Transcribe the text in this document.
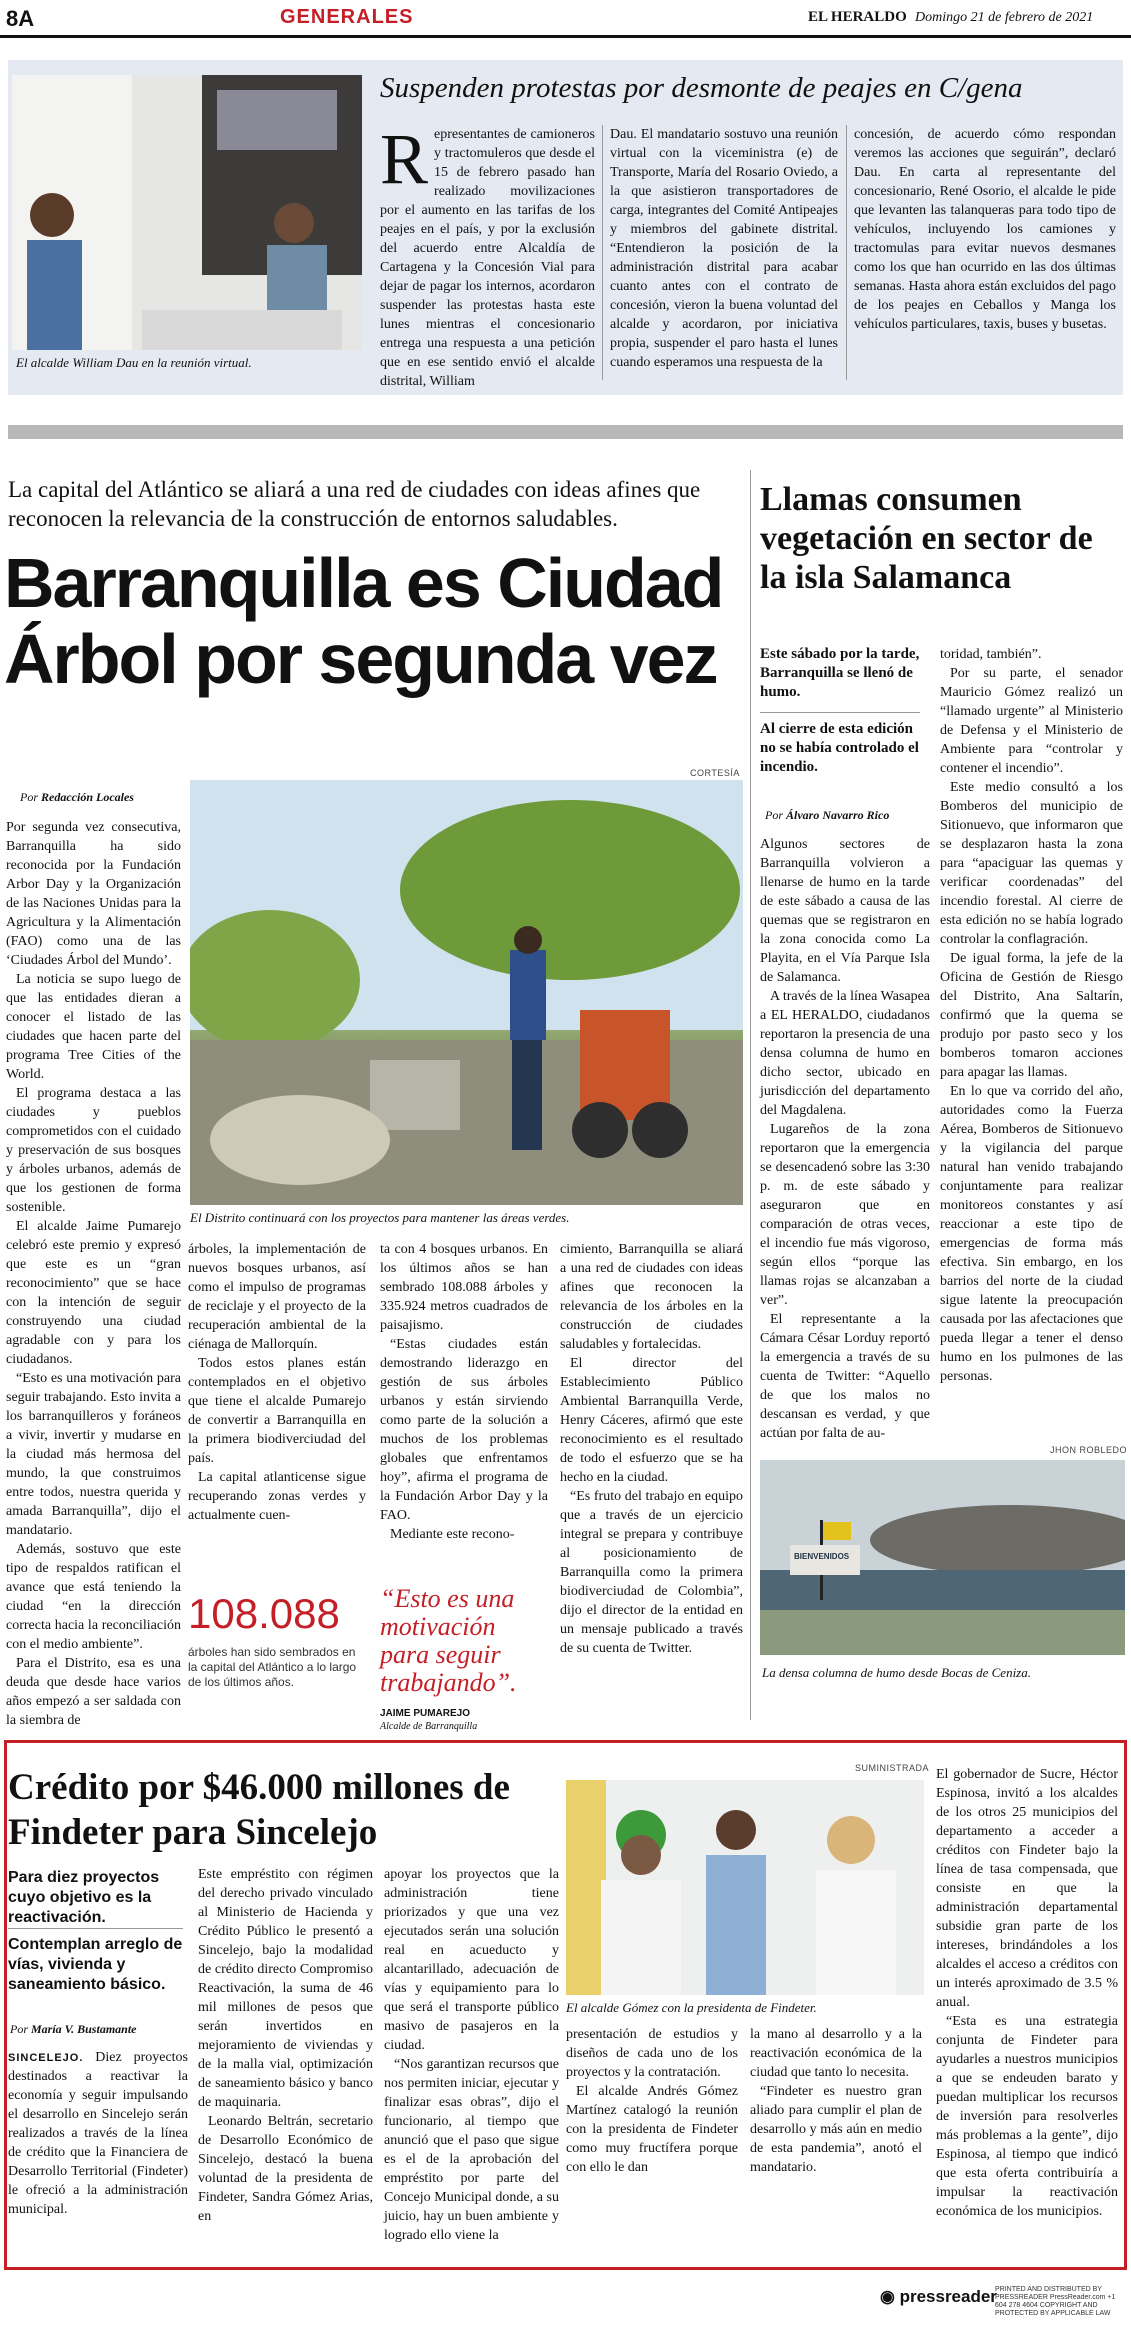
8A	GENERALES	EL HERALDO Domingo 21 de febrero de 2021
El alcalde William Dau en la reunión virtual.
Suspenden protestas por desmonte de peajes en C/gena
Representantes de camioneros y tractomuleros que desde el 15 de febrero pasado han realizado movilizaciones por el aumento en las tarifas de los peajes en el país, y por la exclusión del acuerdo entre Alcaldía de Cartagena y la Concesión Vial para dejar de pagar los internos, acordaron suspender las protestas hasta este lunes mientras el concesionario entrega una respuesta a una petición que en ese sentido envió el alcalde distrital, William

Dau. El mandatario sostuvo una reunión virtual con la viceministra (e) de Transporte, María del Rosario Oviedo, a la que asistieron transportadores de carga, integrantes del Comité Antipeajes y miembros del gabinete distrital. “Entendieron la posición de la administración distrital para acabar cuanto antes con el contrato de concesión, vieron la buena voluntad del alcalde y acordaron, por iniciativa propia, suspender el paro hasta el lunes cuando esperamos una respuesta de la

concesión, de acuerdo cómo respondan veremos las acciones que seguirán”, declaró Dau. En carta al representante del concesionario, René Osorio, el alcalde le pide que levanten las talanqueras para todo tipo de vehículos, incluyendo los camiones y tractomulas para evitar nuevos desmanes como los que han ocurrido en las dos últimas semanas. Hasta ahora están excluidos del pago de los peajes en Ceballos y Manga los vehículos particulares, taxis, buses y busetas.

La capital del Atlántico se aliará a una red de ciudades con ideas afines que reconocen la relevancia de la construcción de entornos saludables.
Barranquilla es Ciudad Árbol por segunda vez
CORTESÍA
Por Redacción Locales

Por segunda vez consecutiva, Barranquilla ha sido reconocida por la Fundación Arbor Day y la Organización de las Naciones Unidas para la Agricultura y la Alimentación (FAO) como una de las ‘Ciudades Árbol del Mundo’.

La noticia se supo luego de que las entidades dieran a conocer el listado de las ciudades que hacen parte del programa Tree Cities of the World.

El programa destaca a las ciudades y pueblos comprometidos con el cuidado y preservación de sus bosques y árboles urbanos, además de que los gestionen de forma sostenible.

El alcalde Jaime Pumarejo celebró este premio y expresó que este es un “gran reconocimiento” que se hace con la intención de seguir construyendo una ciudad agradable con y para los ciudadanos.

“Esto es una motivación para seguir trabajando. Esto invita a los barranquilleros y foráneos a vivir, invertir y mudarse en la ciudad más hermosa del mundo, la que construimos entre todos, nuestra querida y amada Barranquilla”, dijo el mandatario.

Además, sostuvo que este tipo de respaldos ratifican el avance que está teniendo la ciudad “en la dirección correcta hacia la reconciliación con el medio ambiente”.

Para el Distrito, esa es una deuda que desde hace varios años empezó a ser saldada con la siembra de

El Distrito continuará con los proyectos para mantener las áreas verdes.

árboles, la implementación de nuevos bosques urbanos, así como el impulso de programas de reciclaje y el proyecto de la recuperación ambiental de la ciénaga de Mallorquín.

Todos estos planes están contemplados en el objetivo que tiene el alcalde Pumarejo de convertir a Barranquilla en la primera biodiverciudad del país.

La capital atlanticense sigue recuperando zonas verdes y actualmente cuen-

108.088
árboles han sido sembrados en la capital del Atlántico a lo largo de los últimos años.

ta con 4 bosques urbanos. En los últimos años se han sembrado 108.088 árboles y 335.924 metros cuadrados de paisajismo.

“Estas ciudades están demostrando liderazgo en gestión de sus árboles urbanos y están sirviendo como parte de la solución a muchos de los problemas globales que enfrentamos hoy”, afirma el programa de la Fundación Arbor Day y la FAO.

Mediante este recono-

“Esto es una motivación para seguir trabajando”.
JAIME PUMAREJO
Alcalde de Barranquilla

cimiento, Barranquilla se aliará a una red de ciudades con ideas afines que reconocen la relevancia de los árboles en la construcción de ciudades saludables y fortalecidas.

El director del Establecimiento Público Ambiental Barranquilla Verde, Henry Cáceres, afirmó que este reconocimiento es el resultado de todo el esfuerzo que se ha hecho en la ciudad.

“Es fruto del trabajo en equipo que a través de un ejercicio integral se prepara y contribuye al posicionamiento de Barranquilla como la primera biodiverciudad de Colombia”, dijo el director de la entidad en un mensaje publicado a través de su cuenta de Twitter.

Llamas consumen vegetación en sector de la isla Salamanca
Este sábado por la tarde, Barranquilla se llenó de humo.
Al cierre de esta edición no se había controlado el incendio.
Por Álvaro Navarro Rico

Algunos sectores de Barranquilla volvieron a llenarse de humo en la tarde de este sábado a causa de las quemas que se registraron en la zona conocida como La Playita, en el Vía Parque Isla de Salamanca.

A través de la línea Wasapea a EL HERALDO, ciudadanos reportaron la presencia de una densa columna de humo en dicho sector, ubicado en jurisdicción del departamento del Magdalena.

Lugareños de la zona reportaron que la emergencia se desencadenó sobre las 3:30 p. m. de este sábado y aseguraron que en comparación de otras veces, el incendio fue más vigoroso, según ellos “porque las llamas rojas se alcanzaban a ver”.

El representante a la Cámara César Lorduy reportó la emergencia a través de su cuenta de Twitter: “Aquello de que los malos no descansan es verdad, y que actúan por falta de au-

toridad, también”.

Por su parte, el senador Mauricio Gómez realizó un “llamado urgente” al Ministerio de Defensa y el Ministerio de Ambiente para “controlar y contener el incendio”.

Este medio consultó a los Bomberos del municipio de Sitionuevo, que informaron que se desplazaron hasta la zona para “apaciguar las quemas y verificar coordenadas” del incendio forestal. Al cierre de esta edición no se había logrado controlar la conflagración.

De igual forma, la jefe de la Oficina de Gestión de Riesgo del Distrito, Ana Saltarín, confirmó que la quema se produjo por pasto seco y los bomberos tomaron acciones para apagar las llamas.

En lo que va corrido del año, autoridades como la Fuerza Aérea, Bomberos de Sitionuevo y la vigilancia del parque natural han venido trabajando conjuntamente para realizar monitoreos constantes y así reaccionar a este tipo de emergencias de forma más efectiva. Sin embargo, en los barrios del norte de la ciudad sigue latente la preocupación causada por las afectaciones que pueda llegar a tener el denso humo en los pulmones de las personas.

JHON ROBLEDO
BIENVENIDOS
La densa columna de humo desde Bocas de Ceniza.
Crédito por $46.000 millones de Findeter para Sincelejo
Para diez proyectos cuyo objetivo es la reactivación.
Contemplan arreglo de vías, vivienda y saneamiento básico.
Por María V. Bustamante

SINCELEJO. Diez proyectos destinados a reactivar la economía y seguir impulsando el desarrollo en Sincelejo serán realizados a través de la línea de crédito que la Financiera de Desarrollo Territorial (Findeter) le ofreció a la administración municipal.

Este empréstito con régimen del derecho privado vinculado al Ministerio de Hacienda y Crédito Público le presentó a Sincelejo, bajo la modalidad de crédito directo Compromiso Reactivación, la suma de 46 mil millones de pesos que serán invertidos en mejoramiento de viviendas y de la malla vial, optimización de saneamiento básico y banco de maquinaria.

Leonardo Beltrán, secretario de Desarrollo Económico de Sincelejo, destacó la buena voluntad de la presidenta de Findeter, Sandra Gómez Arias, en

apoyar los proyectos que la administración tiene priorizados y que una vez ejecutados serán una solución real en acueducto y alcantarillado, adecuación de vías y equipamiento para lo que será el transporte público masivo de pasajeros en la ciudad.

“Nos garantizan recursos que nos permiten iniciar, ejecutar y finalizar esas obras”, dijo el funcionario, al tiempo que anunció que el paso que sigue es el de la aprobación del empréstito por parte del Concejo Municipal donde, a su juicio, hay un buen ambiente y logrado ello viene la

SUMINISTRADA
El alcalde Gómez con la presidenta de Findeter.

presentación de estudios y diseños de cada uno de los proyectos y la contratación.

El alcalde Andrés Gómez Martínez catalogó la reunión con la presidenta de Findeter como muy fructífera porque con ello le dan

la mano al desarrollo y a la reactivación económica de la ciudad que tanto lo necesita.

“Findeter es nuestro gran aliado para cumplir el plan de desarrollo y más aún en medio de esta pandemia”, anotó el mandatario.

El gobernador de Sucre, Héctor Espinosa, invitó a los alcaldes de los otros 25 municipios del departamento a acceder a créditos con Findeter bajo la línea de tasa compensada, que consiste en que la administración departamental subsidie gran parte de los intereses, brindándoles a los alcaldes el acceso a créditos con un interés aproximado de 3.5 % anual.

“Esta es una estrategia conjunta de Findeter para ayudarles a nuestros municipios a que se endeuden barato y puedan multiplicar los recursos de inversión para resolverles más problemas a la gente”, dijo Espinosa, al tiempo que indicó que esta oferta contribuiría a impulsar la reactivación económica de los municipios.

◉ pressreader
PRINTED AND DISTRIBUTED BY PRESSREADER PressReader.com +1 604 278 4604 COPYRIGHT AND PROTECTED BY APPLICABLE LAW
